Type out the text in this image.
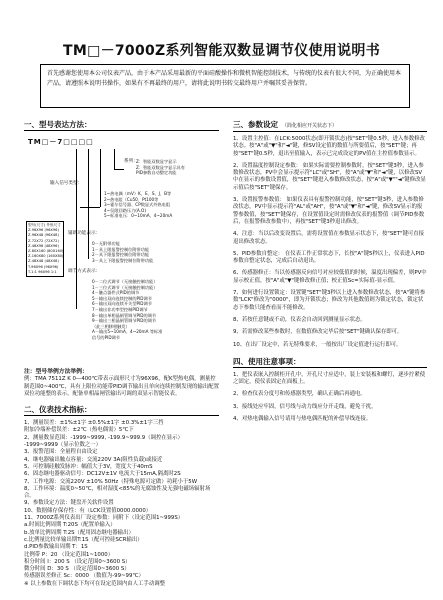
TM□－7000Z系列智能双数显调节仪使用说明书
首先感谢您使用本公司仪表产品，由于本产品采用最新的平面硅酸操作和微机智能控制技术，与传统的仪表有很大不同，为正确使用本产品，请遵照本说明书操作，如果有不再最终的用户，请将此说明书转交最终用户并嘱其妥善保管。
一、型号表达方法：
TM□－7□□□□
系列：
Z：智能双数显字显示
Z：智能双数显字显示具有
PID参数自动整定功能
输入信号类型：
1~热电偶（mV）K、E、S、J、B等
2~热电阻（Cu50、Pt100等
3~霍尔信号器、CP数显式外热电阻
4~仅限回路压力(A.O)
5~标准电压：0~10mA、4~20mA
辅助功能表示：
0－无附带功能
1－具上限报警控制位附带功能
2－具下限报警控制位附带功能
3－具上下限报警控制位附带功能
调节方式表示：
0－二位式调节（无接触控制功能）
1－三位式调节（无接触控制功能）
4－触点器件式PID的调节
5－输出双向连续控制的PID调节
6－输出双向连续开关型PID调节
7－输出非功率型控制PID调节
8－输出单相晶闸管调节PID的调节
9－输出三相晶闸管调节PID的调节
（此三相移相触发）
A－输出5~10mA、4~20mA 等标准
信号的PID调节
型号(尺寸) 外形尺寸
Z-96X96 (96X96)
Z-96X48 (96X48)
Z-72X72 (72X72)
Z-48X96 (48X96)
Z-80X160 (80X160)
Z-160X80 (160X80)
Z-48X48 (48X48)
T-96X96 (96X96)
T-1:1 96X96 1:1
注：型号举例方法举例：
例：TMA 7511Z K 0—400℃带表示面形尺寸为96X96，配K型热电偶，测量控制范围0~400℃，具有上限位功能带PID调节输出且单向连续控制发现的输出配置双位功能整的表示，配备单相晶闸管输出可调的双显示智能仪表。
二、仪表技术指标：

1、测量误差：±1%±1字 ±0.5%±1字 ±0.3%±1字三挡

附加冷端补偿误差：±2℃（热电偶需）5℃下

2、测量数显范围：-1999~9999, -199.9~999.9（调控在显示）

-1999~9999（显示位数之一）

3、报警范围：全量程自由设定

4、继电器输出触点容量：交流220V 3A(阻性负载)或接近

5、可控制硅触发脉冲：幅值大于3V，宽度大于40mS

6、固态继电器驱动信号：DC12V±1V 电流大于15mA,隔离时2S

7、工作电源：交流220V ±10% 50Hz（特殊电源可定做）功耗小于5W

8、工作环境：温度0~50℃，相对湿度<85%的无腐蚀性及无强电磁场辐射场合。

9、参数设定方法：键盘开关软件设置

10、数据储存保存性：有（LCK设置值0000.0000）

11、7000Z系列仪表出厂设定参数：同附下（设定范围1~999S）

a.时间比例周期 T:20S（配置单输入）

b.放单比例周期 T:2S（配用固态继电器输出）

c.比例量比较单输出期T:1S（配可控硅SCR输出）

d.PID参数输出周期 T：1S

比例带 P：20 （设定范围1~1000）

积分时间 I：200 S （设定范围0~3600 S）

微分时间 D：30 S （设定范围0~3600 S）

传感器误差修正 Sc：0000 （数值为-99~99℃）

※ 以上参数在下调状态下均可在设定范围内由人工手动调整

三、参数设定 （简化相应开关状态下）

1、设置主控值：在LCK:5000状态(即开锁状态)按"SET"键0.5秒，进入参数修改状态。按"A"或"▼"和"◄"键，修SV设定值的数值与所要值后，按"SET"键；再按"SET"键0.5秒，退出至值输入，表示已完成设定的PV值在主控值参数显示。

2、设置温度控制设定参数： 如果实际需要控制参数时。按"SET"键3秒，进入参数修改状态，PV中会显示提示符"LC"或"SH"，按"A"或"▼"和"◄"键，以修改SV中在显示的参数设置值，按"SET"键进入参数修改状态，按"A"或"▼""◄"键修改显示值后按"SET"键保存。

3、设置报警参数值： 如果仪表具有报警控制功能，按"SET"键3秒，进入参数修改状态，PV中显示提示符"AL"或"AH"，按"A"或"▼"和"◄"键，修改SV显示的报警参数值，按"SET"键保存，在设置值设定时需修改仪表的报警值（调节PID参数后，在报警修改参数中），再按"SET"键3秒退出修改。

4、注意：当以后改变设置后，需将设置值在参数显示状态下，按"SET"键可直接退出修改状态。

5、PID参数自整定： 在仪表工作正常状态下，长按"A"键5秒以上，仪表进入PID参数自整定状态，完成后自动退出。

6、传感器修正：当以传感器反向信号对应较低值的时候，温度出现偏差，则PV中显示校正值，按"A"或"▼"键修改修正值；校正值Sc=实际值-显示值。

7、如何进行设置锁定：设置键"SET"键3秒以上进入参数修改状态，按"A"键将参数"LCK"修改为"0000"，即为开锁状态；修改为其他数值则为锁定状态，锁定状态下参数只能查看而不能修改。

8、若按任意键或不动，仪表会自动回到测量显示状态。

9、若需修改某些参数时，在数值修改完毕后按"SET"键确认保存即可。

10、在出厂设定中，若无特殊要求，一般按出厂设定值进行运行即可。

四、使用注意事项：

1、把仪表嵌入控制柜开孔中，开孔尺寸应适中，装上安装板和螺钉，逐步拧紧使之固定，使仪表固定在面板上。

2、检查仪表分度号和传感器类型，确认正确后再通电。

3、接线处应牢固，信号线与动力线应分开走线，避免干扰。

4、对热电偶输入信号请用与热电偶匹配的补偿导线连接。
